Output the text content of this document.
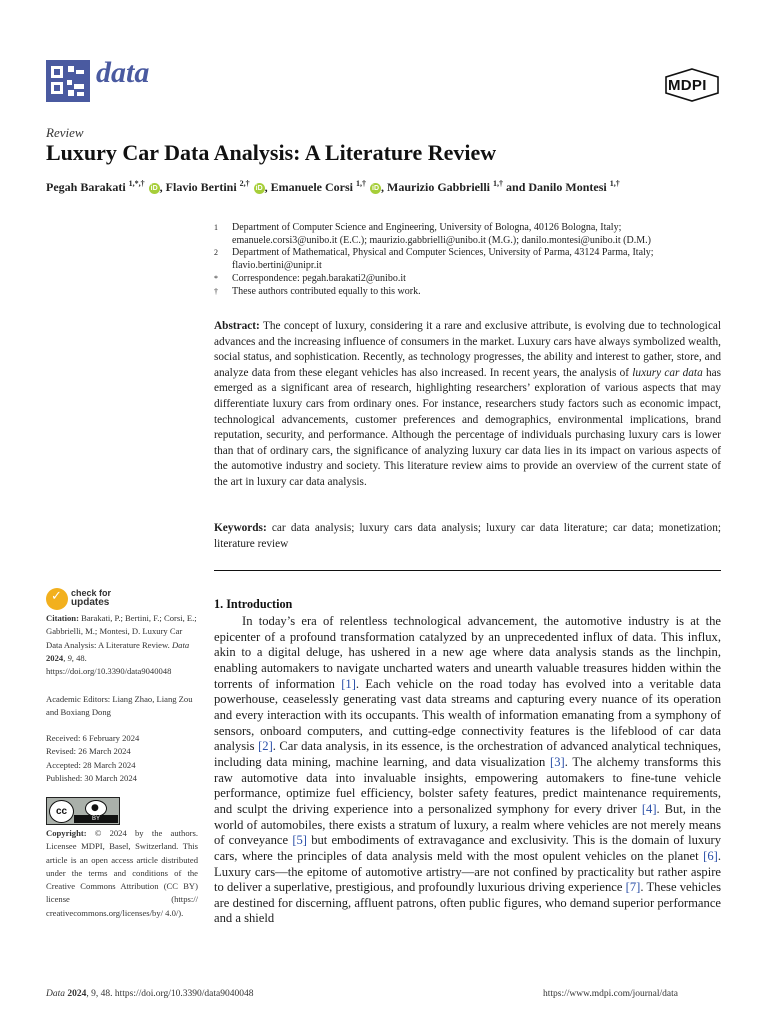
data	MDPI
Review
Luxury Car Data Analysis: A Literature Review
Pegah Barakati $^{1,*,\dagger}$ iD , Flavio Bertini $^{2,\dagger}$ iD , Emanuele Corsi $^{1,\dagger}$ iD , Maurizio Gabbrielli $^{1,\dagger}$ and Danilo Montesi $^{1,\dagger}$
1	Department of Computer Science and Engineering, University of Bologna, 40126 Bologna, Italy; emanuele.corsi3@unibo.it (E.C.); maurizio.gabbrielli@unibo.it (M.G.); danilo.montesi@unibo.it (D.M.)
2	Department of Mathematical, Physical and Computer Sciences, University of Parma, 43124 Parma, Italy; flavio.bertini@unipr.it
*	Correspondence: pegah.barakati2@unibo.it
†	These authors contributed equally to this work.
Abstract: The concept of luxury, considering it a rare and exclusive attribute, is evolving due to technological advances and the increasing influence of consumers in the market. Luxury cars have always symbolized wealth, social status, and sophistication. Recently, as technology progresses, the ability and interest to gather, store, and analyze data from these elegant vehicles has also increased. In recent years, the analysis of luxury car data has emerged as a significant area of research, highlighting researchers’ exploration of various aspects that may differentiate luxury cars from ordinary ones. For instance, researchers study factors such as economic impact, technological advancements, customer preferences and demographics, environmental implications, brand reputation, security, and performance. Although the percentage of individuals purchasing luxury cars is lower than that of ordinary cars, the significance of analyzing luxury car data lies in its impact on various aspects of the automotive industry and society. This literature review aims to provide an overview of the current state of the art in luxury car data analysis.
Keywords: car data analysis; luxury cars data analysis; luxury car data literature; car data; monetization; literature review
✓ check for
updates
Citation: Barakati, P.; Bertini, F.; Corsi, E.; Gabbrielli, M.; Montesi, D. Luxury Car Data Analysis: A Literature Review. Data 2024, 9, 48. https://doi.org/10.3390/data9040048
Academic Editors: Liang Zhao, Liang Zou and Boxiang Dong
Received: 6 February 2024
Revised: 26 March 2024
Accepted: 28 March 2024
Published: 30 March 2024
cc	●
BY
Copyright: © 2024 by the authors. Licensee MDPI, Basel, Switzerland. This article is an open access article distributed under the terms and conditions of the Creative Commons Attribution (CC BY) license (https:// creativecommons.org/licenses/by/ 4.0/).
1. Introduction
In today’s era of relentless technological advancement, the automotive industry is at the epicenter of a profound transformation catalyzed by an unprecedented influx of data. This influx, akin to a digital deluge, has ushered in a new age where data analysis stands as the linchpin, enabling automakers to navigate uncharted waters and unearth valuable treasures hidden within the torrents of information [1]. Each vehicle on the road today has evolved into a veritable data powerhouse, ceaselessly generating vast data streams and capturing every nuance of its operation and every interaction with its occupants. This wealth of information emanating from a symphony of sensors, onboard computers, and cutting-edge connectivity features is the lifeblood of car data analysis [2]. Car data analysis, in its essence, is the orchestration of advanced analytical techniques, including data mining, machine learning, and data visualization [3]. The alchemy transforms this raw automotive data into invaluable insights, empowering automakers to fine-tune vehicle performance, optimize fuel efficiency, bolster safety features, predict maintenance requirements, and sculpt the driving experience into a personalized symphony for every driver [4]. But, in the world of automobiles, there exists a stratum of luxury, a realm where vehicles are not merely means of conveyance [5] but embodiments of extravagance and exclusivity. This is the domain of luxury cars, where the principles of data analysis meld with the most opulent vehicles on the planet [6]. Luxury cars—the epitome of automotive artistry—are not confined by practicality but rather aspire to deliver a superlative, prestigious, and profoundly luxurious driving experience [7]. These vehicles are destined for discerning, affluent patrons, often public figures, who demand superior performance and a shield
Data 2024, 9, 48. https://doi.org/10.3390/data9040048	https://www.mdpi.com/journal/data
